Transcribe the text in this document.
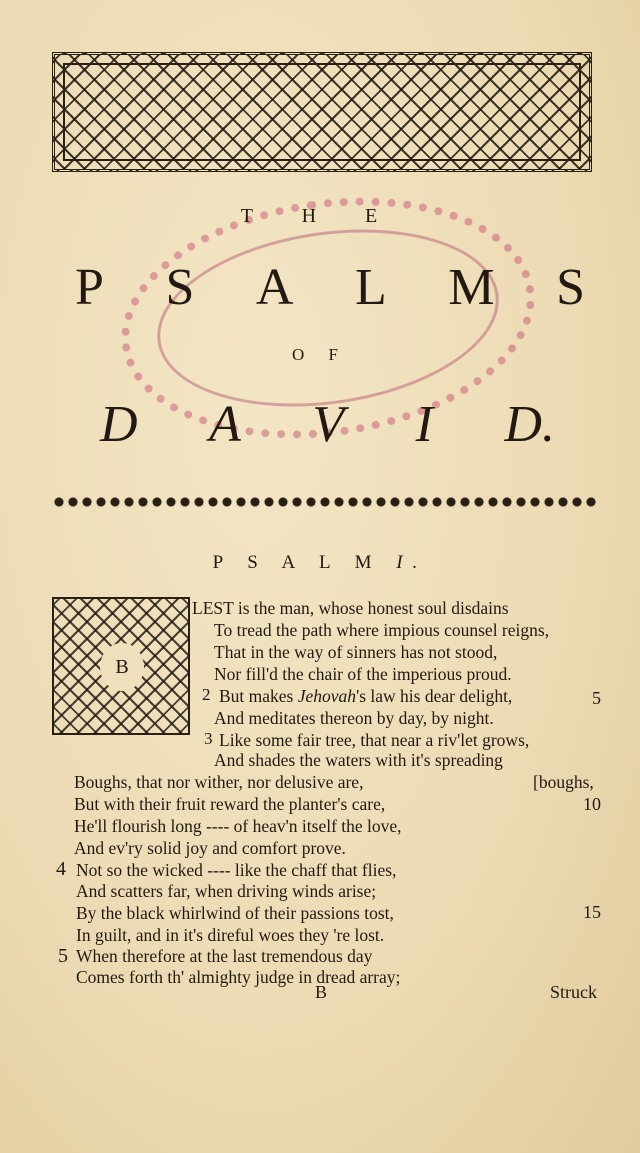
T H E
P S A L M S
O F
D A V I D.
P S A L M I.
B
LEST is the man, whose honest soul disdains
To tread the path where impious counsel reigns,
That in the way of sinners has not stood,
Nor fill'd the chair of the imperious proud.
But makes Jehovah's law his dear delight,
And meditates thereon by day, by night.
Like some fair tree, that near a riv'let grows,
And shades the waters with it's spreading
Boughs, that nor wither, nor delusive are,
But with their fruit reward the planter's care,
He'll flourish long ---- of heav'n itself the love,
And ev'ry solid joy and comfort prove.
Not so the wicked ---- like the chaff that flies,
And scatters far, when driving winds arise;
By the black whirlwind of their passions tost,
In guilt, and in it's direful woes they 're lost.
When therefore at the last tremendous day
Comes forth th' almighty judge in dread array;
[boughs,
5
10
15
2
3
4
5
B	Struck
